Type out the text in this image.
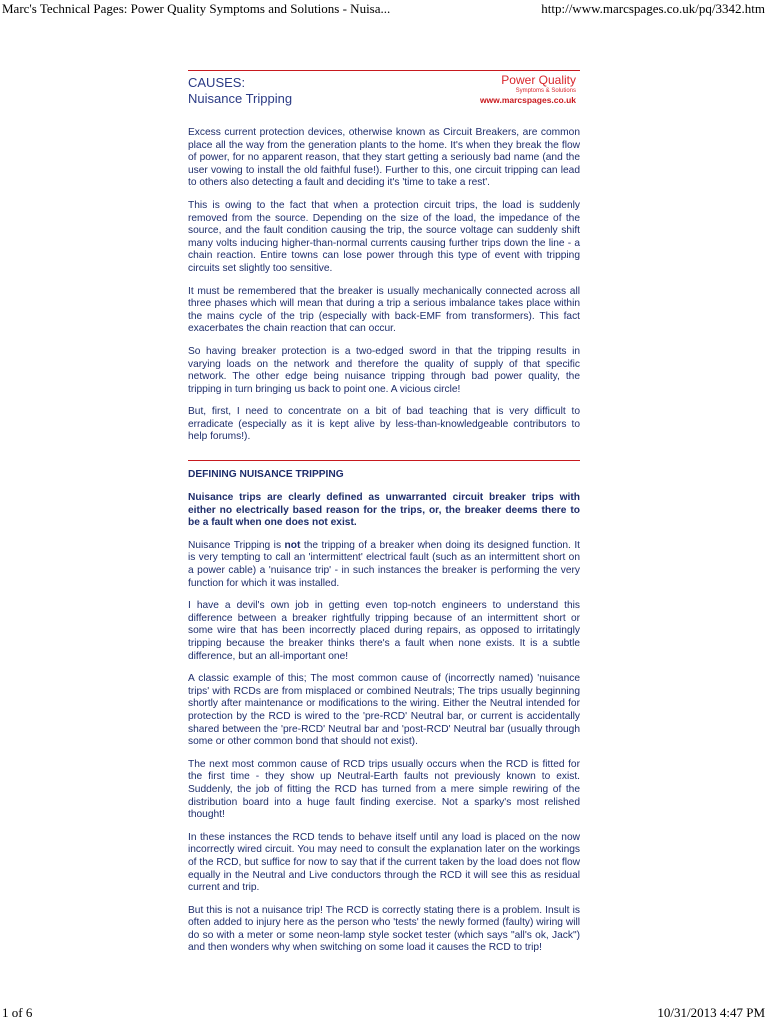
Marc's Technical Pages: Power Quality Symptoms and Solutions - Nuisa...	http://www.marcspages.co.uk/pq/3342.htm
CAUSES:
Nuisance Tripping
Power Quality
Symptoms & Solutions
www.marcspages.co.uk

Excess current protection devices, otherwise known as Circuit Breakers, are common place all the way from the generation plants to the home. It's when they break the flow of power, for no apparent reason, that they start getting a seriously bad name (and the user vowing to install the old faithful fuse!). Further to this, one circuit tripping can lead to others also detecting a fault and deciding it's 'time to take a rest'.

This is owing to the fact that when a protection circuit trips, the load is suddenly removed from the source. Depending on the size of the load, the impedance of the source, and the fault condition causing the trip, the source voltage can suddenly shift many volts inducing higher-than-normal currents causing further trips down the line - a chain reaction. Entire towns can lose power through this type of event with tripping circuits set slightly too sensitive.

It must be remembered that the breaker is usually mechanically connected across all three phases which will mean that during a trip a serious imbalance takes place within the mains cycle of the trip (especially with back-EMF from transformers). This fact exacerbates the chain reaction that can occur.

So having breaker protection is a two-edged sword in that the tripping results in varying loads on the network and therefore the quality of supply of that specific network. The other edge being nuisance tripping through bad power quality, the tripping in turn bringing us back to point one. A vicious circle!

But, first, I need to concentrate on a bit of bad teaching that is very difficult to erradicate (especially as it is kept alive by less-than-knowledgeable contributors to help forums!).

DEFINING NUISANCE TRIPPING

Nuisance trips are clearly defined as unwarranted circuit breaker trips with either no electrically based reason for the trips, or, the breaker deems there to be a fault when one does not exist.

Nuisance Tripping is not the tripping of a breaker when doing its designed function. It is very tempting to call an 'intermittent' electrical fault (such as an intermittent short on a power cable) a 'nuisance trip' - in such instances the breaker is performing the very function for which it was installed.

I have a devil's own job in getting even top-notch engineers to understand this difference between a breaker rightfully tripping because of an intermittent short or some wire that has been incorrectly placed during repairs, as opposed to irritatingly tripping because the breaker thinks there's a fault when none exists. It is a subtle difference, but an all-important one!

A classic example of this; The most common cause of (incorrectly named) 'nuisance trips' with RCDs are from misplaced or combined Neutrals; The trips usually beginning shortly after maintenance or modifications to the wiring. Either the Neutral intended for protection by the RCD is wired to the 'pre-RCD' Neutral bar, or current is accidentally shared between the 'pre-RCD' Neutral bar and 'post-RCD' Neutral bar (usually through some or other common bond that should not exist).

The next most common cause of RCD trips usually occurs when the RCD is fitted for the first time - they show up Neutral-Earth faults not previously known to exist. Suddenly, the job of fitting the RCD has turned from a mere simple rewiring of the distribution board into a huge fault finding exercise. Not a sparky's most relished thought!

In these instances the RCD tends to behave itself until any load is placed on the now incorrectly wired circuit. You may need to consult the explanation later on the workings of the RCD, but suffice for now to say that if the current taken by the load does not flow equally in the Neutral and Live conductors through the RCD it will see this as residual current and trip.

But this is not a nuisance trip! The RCD is correctly stating there is a problem. Insult is often added to injury here as the person who 'tests' the newly formed (faulty) wiring will do so with a meter or some neon-lamp style socket tester (which says "all's ok, Jack") and then wonders why when switching on some load it causes the RCD to trip!

1 of 6	10/31/2013 4:47 PM
